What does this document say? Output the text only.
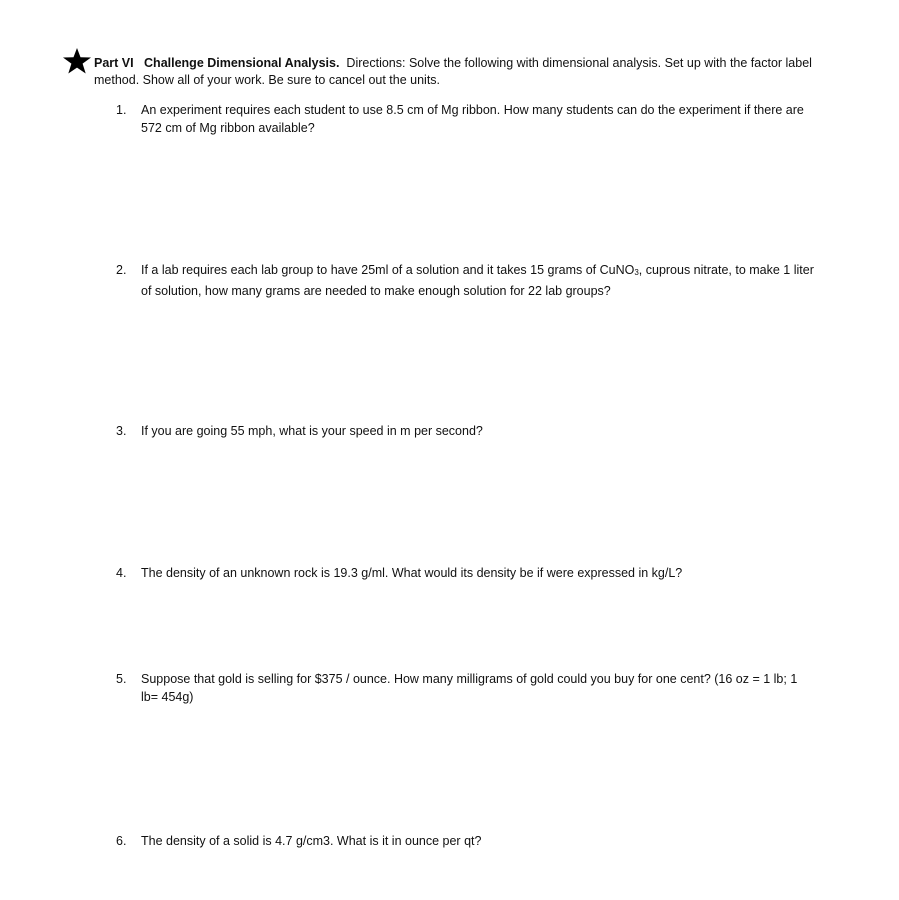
Part VI Challenge Dimensional Analysis. Directions: Solve the following with dimensional analysis. Set up with the factor label method. Show all of your work. Be sure to cancel out the units.
1.	An experiment requires each student to use 8.5 cm of Mg ribbon. How many students can do the experiment if there are 572 cm of Mg ribbon available?
2.	If a lab requires each lab group to have 25ml of a solution and it takes 15 grams of CuNO3, cuprous nitrate, to make 1 liter of solution, how many grams are needed to make enough solution for 22 lab groups?
3.	If you are going 55 mph, what is your speed in m per second?
4.	The density of an unknown rock is 19.3 g/ml. What would its density be if were expressed in kg/L?
5.	Suppose that gold is selling for $375 / ounce. How many milligrams of gold could you buy for one cent? (16 oz = 1 lb; 1 lb= 454g)
6.	The density of a solid is 4.7 g/cm3. What is it in ounce per qt?
